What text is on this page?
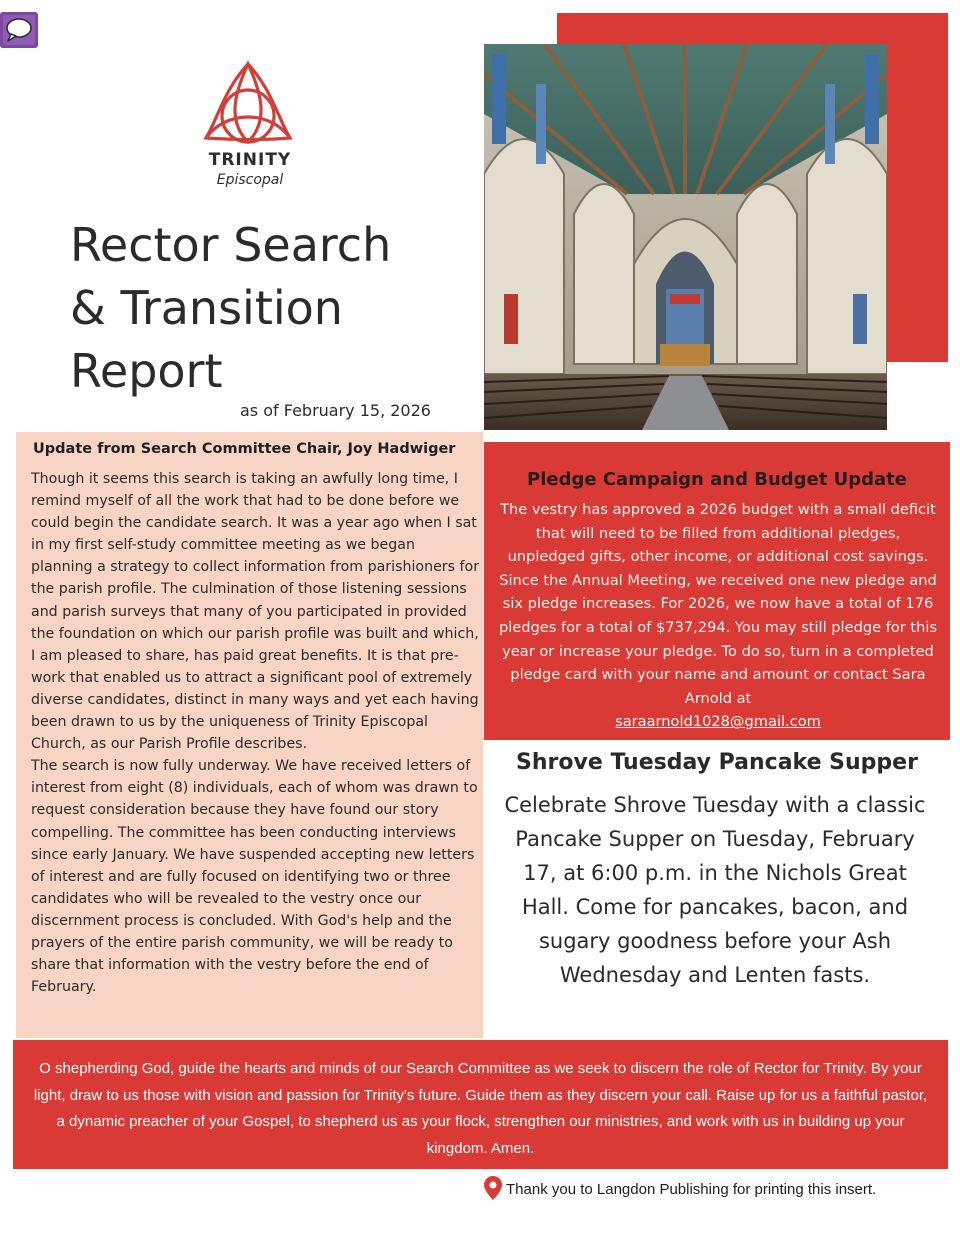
TRINITY
Episcopal
Rector Search
& Transition
Report
as of February 15, 2026
Update from Search Committee Chair, Joy Hadwiger

Though it seems this search is taking an awfully long time, I remind myself of all the work that had to be done before we could begin the candidate search. It was a year ago when I sat in my first self-study committee meeting as we began planning a strategy to collect information from parishioners for the parish profile. The culmination of those listening sessions and parish surveys that many of you participated in provided the foundation on which our parish profile was built and which, I am pleased to share, has paid great benefits. It is that pre-work that enabled us to attract a significant pool of extremely diverse candidates, distinct in many ways and yet each having been drawn to us by the uniqueness of Trinity Episcopal Church, as our Parish Profile describes.

The search is now fully underway. We have received letters of interest from eight (8) individuals, each of whom was drawn to request consideration because they have found our story compelling. The committee has been conducting interviews since early January. We have suspended accepting new letters of interest and are fully focused on identifying two or three candidates who will be revealed to the vestry once our discernment process is concluded. With God's help and the prayers of the entire parish community, we will be ready to share that information with the vestry before the end of February.

Pledge Campaign and Budget Update
The vestry has approved a 2026 budget with a small deficit that will need to be filled from additional pledges, unpledged gifts, other income, or additional cost savings. Since the Annual Meeting, we received one new pledge and six pledge increases. For 2026, we now have a total of 176 pledges for a total of $737,294. You may still pledge for this year or increase your pledge. To do so, turn in a completed pledge card with your name and amount or contact Sara Arnold at
saraarnold1028@gmail.com
Shrove Tuesday Pancake Supper
Celebrate Shrove Tuesday with a classic Pancake Supper on Tuesday, February 17, at 6:00 p.m. in the Nichols Great Hall. Come for pancakes, bacon, and sugary goodness before your Ash Wednesday and Lenten fasts.
O shepherding God, guide the hearts and minds of our Search Committee as we seek to discern the role of Rector for Trinity. By your light, draw to us those with vision and passion for Trinity's future. Guide them as they discern your call. Raise up for us a faithful pastor, a dynamic preacher of your Gospel, to shepherd us as your flock, strengthen our ministries, and work with us in building up your kingdom. Amen.
Thank you to Langdon Publishing for printing this insert.
